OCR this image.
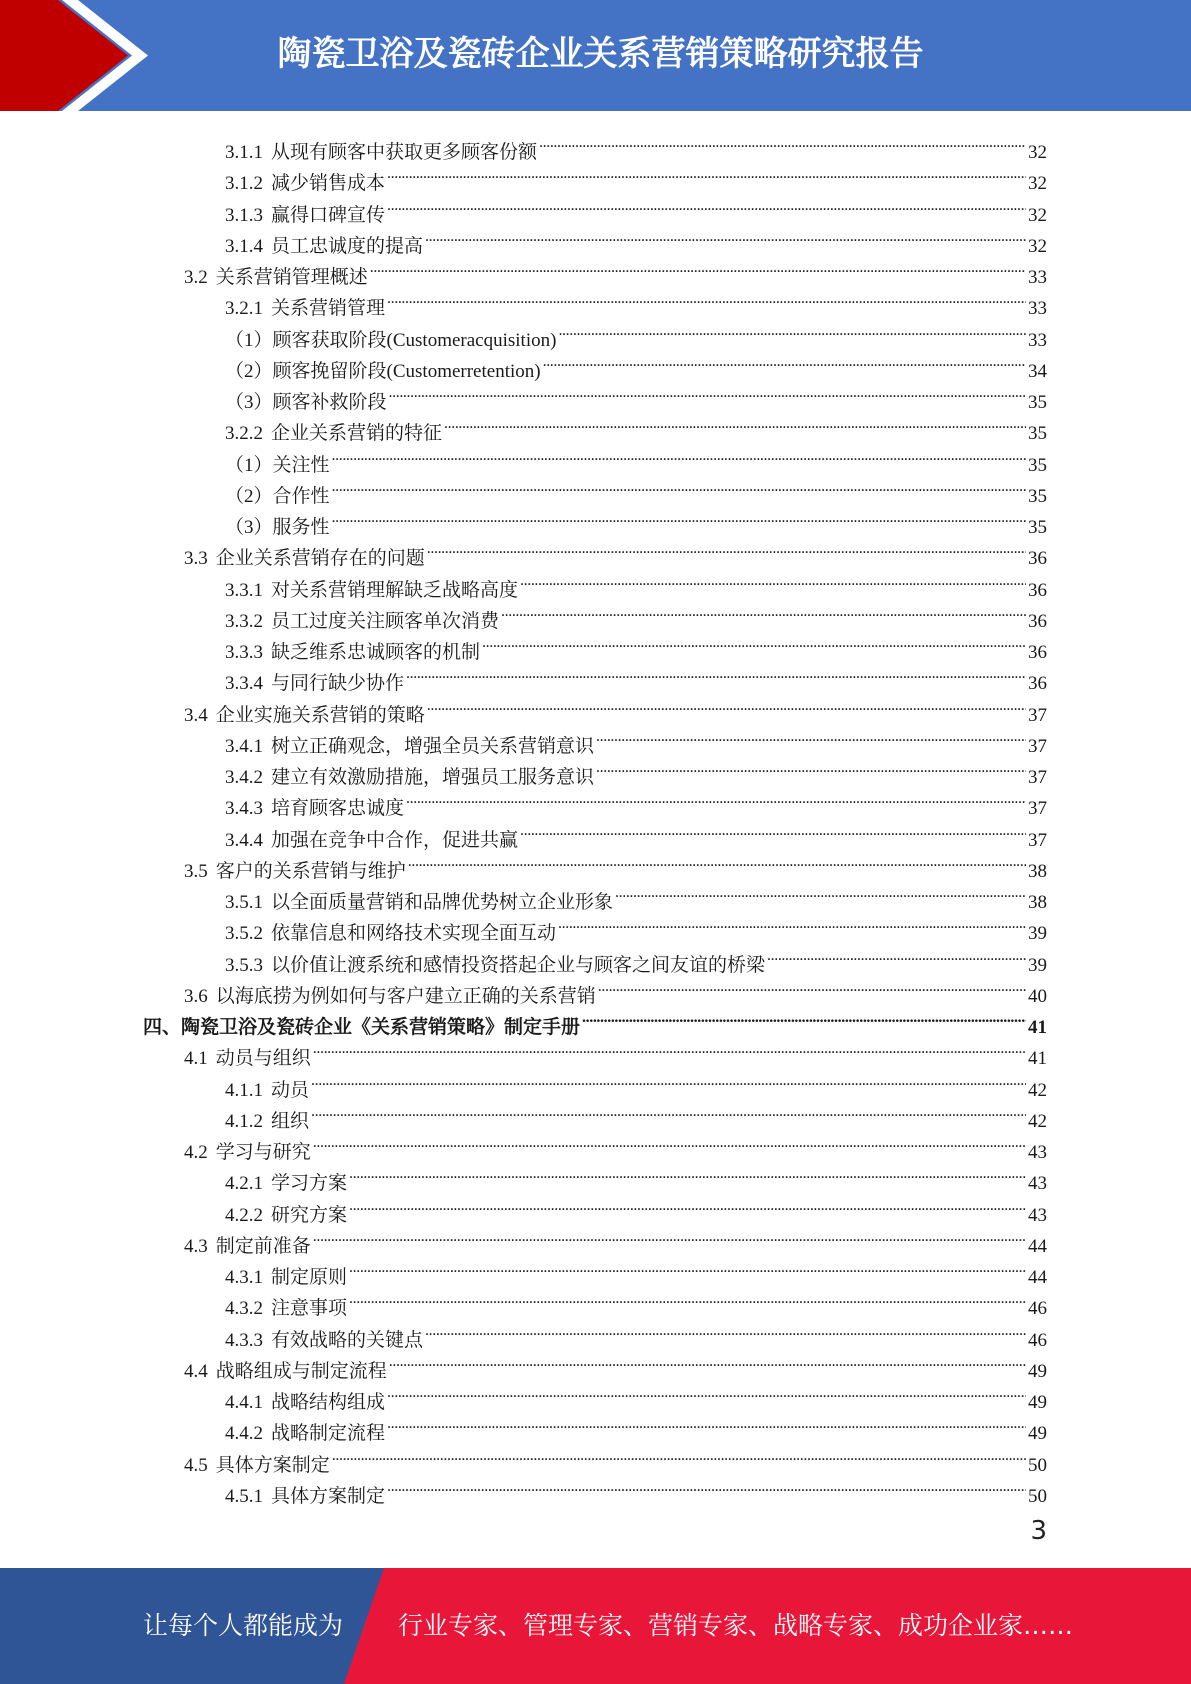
陶瓷卫浴及瓷砖企业关系营销策略研究报告
3.1.1 从现有顾客中获取更多顾客份额 . . .	32
3.1.2 减少销售成本 . . .	32
3.1.3 赢得口碑宣传 . . .	32
3.1.4 员工忠诚度的提高 . . .	32
3.2 关系营销管理概述 . . .	33
3.2.1 关系营销管理 . . .	33
（1） 顾客获取阶段(Customeracquisition) . . .	33
（2） 顾客挽留阶段(Customerretention) . . .	34
（3） 顾客补救阶段 . . .	35
3.2.2 企业关系营销的特征 . . .	35
（1） 关注性 . . .	35
（2） 合作性 . . .	35
（3） 服务性 . . .	35
3.3 企业关系营销存在的问题 . . .	36
3.3.1 对关系营销理解缺乏战略高度 . . .	36
3.3.2 员工过度关注顾客单次消费 . . .	36
3.3.3 缺乏维系忠诚顾客的机制 . . .	36
3.3.4 与同行缺少协作 . . .	36
3.4 企业实施关系营销的策略 . . .	37
3.4.1 树立正确观念，增强全员关系营销意识 . . .	37
3.4.2 建立有效激励措施，增强员工服务意识 . . .	37
3.4.3 培育顾客忠诚度 . . .	37
3.4.4 加强在竞争中合作，促进共赢 . . .	37
3.5 客户的关系营销与维护 . . .	38
3.5.1 以全面质量营销和品牌优势树立企业形象 . . .	38
3.5.2 依靠信息和网络技术实现全面互动 . . .	39
3.5.3 以价值让渡系统和感情投资搭起企业与顾客之间友谊的桥梁 . . .	39
3.6 以海底捞为例如何与客户建立正确的关系营销 . . .	40
四、陶瓷卫浴及瓷砖企业《关系营销策略》制定手册 . . .	41
4.1 动员与组织 . . .	41
4.1.1 动员 . . .	42
4.1.2 组织 . . .	42
4.2 学习与研究 . . .	43
4.2.1 学习方案 . . .	43
4.2.2 研究方案 . . .	43
4.3 制定前准备 . . .	44
4.3.1 制定原则 . . .	44
4.3.2 注意事项 . . .	46
4.3.3 有效战略的关键点 . . .	46
4.4 战略组成与制定流程 . . .	49
4.4.1 战略结构组成 . . .	49
4.4.2 战略制定流程 . . .	49
4.5 具体方案制定 . . .	50
4.5.1 具体方案制定 . . .	50
3
让每个人都能成为 行业专家、管理专家、营销专家、战略专家、成功企业家……
